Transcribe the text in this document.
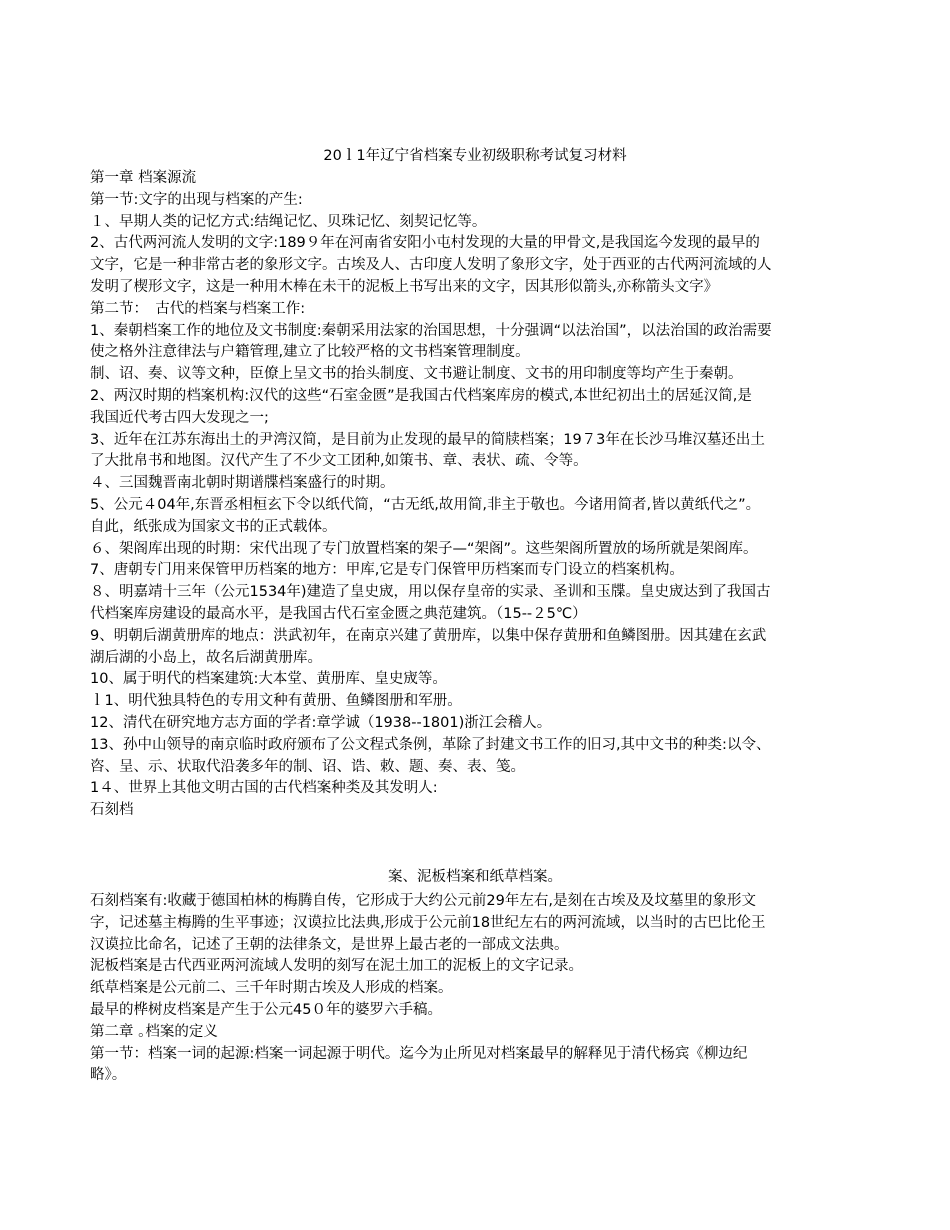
20ｌ1年辽宁省档案专业初级职称考试复习材料
第一章 档案源流
第一节:文字的出现与档案的产生:
１、早期人类的记忆方式:结绳记忆、贝珠记忆、刻契记忆等。
2、古代两河流人发明的文字:189９年在河南省安阳小屯村发现的大量的甲骨文,是我国迄今发现的最早的
文字，它是一种非常古老的象形文字。古埃及人、古印度人发明了象形文字，处于西亚的古代两河流域的人
发明了楔形文字，这是一种用木棒在未干的泥板上书写出来的文字，因其形似箭头,亦称箭头文字》
第二节：　古代的档案与档案工作:
1、秦朝档案工作的地位及文书制度:秦朝采用法家的治国思想，十分强调“以法治国”，以法治国的政治需要
使之格外注意律法与户籍管理,建立了比较严格的文书档案管理制度。
制、诏、奏、议等文种，臣僚上呈文书的抬头制度、文书避让制度、文书的用印制度等均产生于秦朝。
2、两汉时期的档案机构:汉代的这些“石室金匮”是我国古代档案库房的模式,本世纪初出土的居延汉简,是
我国近代考古四大发现之一;
3、近年在江苏东海出土的尹湾汉简，是目前为止发现的最早的简牍档案；19７3年在长沙马堆汉墓还出土
了大批帛书和地图。汉代产生了不少文工团种,如策书、章、表状、疏、令等。
４、三国魏晋南北朝时期谱牒档案盛行的时期。
5、公元４04年,东晋丞相桓玄下令以纸代简，“古无纸,故用简,非主于敬也。今诸用简者,皆以黄纸代之”。
自此，纸张成为国家文书的正式载体。
６、架阁库出现的时期：宋代出现了专门放置档案的架子—“架阁”。这些架阁所置放的场所就是架阁库。
7、唐朝专门用来保管甲历档案的地方：甲库,它是专门保管甲历档案而专门设立的档案机构。
８、明嘉靖十三年（公元1534年)建造了皇史宬，用以保存皇帝的实录、圣训和玉牒。皇史宬达到了我国古
代档案库房建设的最高水平，是我国古代石室金匮之典范建筑。（15--２5℃）
9、明朝后湖黄册库的地点：洪武初年，在南京兴建了黄册库，以集中保存黄册和鱼鳞图册。因其建在玄武
湖后湖的小岛上，故名后湖黄册库。
10、属于明代的档案建筑:大本堂、黄册库、皇史宬等。
ｌ1、明代独具特色的专用文种有黄册、鱼鳞图册和军册。
12、清代在研究地方志方面的学者:章学诚（1938--1801)浙江会稽人。
13、孙中山领导的南京临时政府颁布了公文程式条例，革除了封建文书工作的旧习,其中文书的种类:以令、
咨、呈、示、状取代沿袭多年的制、诏、诰、敕、题、奏、表、笺。
1４、世界上其他文明古国的古代档案种类及其发明人:
石刻档
案、泥板档案和纸草档案。
石刻档案有:收藏于德国柏林的梅腾自传，它形成于大约公元前29年左右,是刻在古埃及及坟墓里的象形文
字，记述墓主梅腾的生平事迹；汉谟拉比法典,形成于公元前18世纪左右的两河流域，以当时的古巴比伦王
汉谟拉比命名，记述了王朝的法律条文，是世界上最古老的一部成文法典。
泥板档案是古代西亚两河流域人发明的刻写在泥土加工的泥板上的文字记录。
纸草档案是公元前二、三千年时期古埃及人形成的档案。
最早的桦树皮档案是产生于公元45０年的婆罗六手稿。
第二章 ｡档案的定义
第一节：档案一词的起源:档案一词起源于明代。迄今为止所见对档案最早的解释见于清代杨宾《柳边纪
略》。
